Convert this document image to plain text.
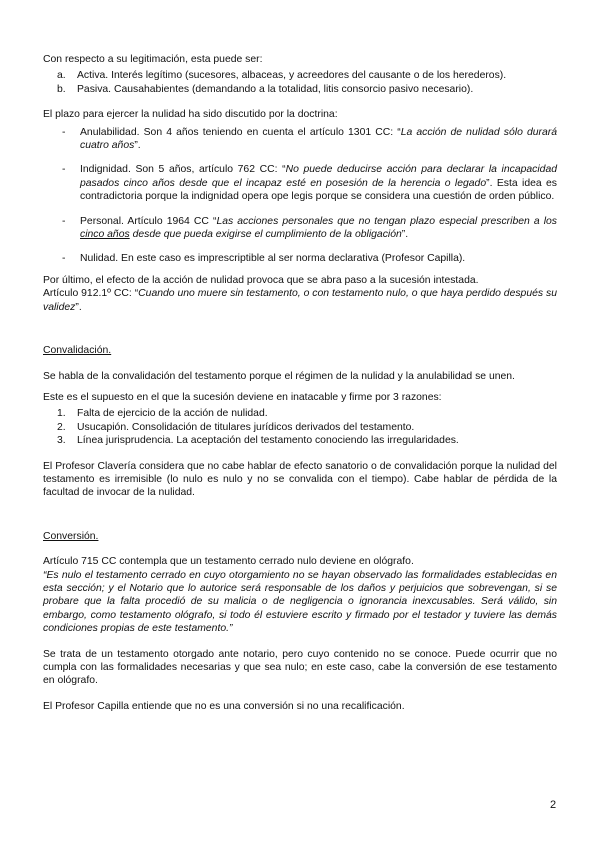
Con respecto a su legitimación, esta puede ser:

a.	Activa. Interés legítimo (sucesores, albaceas, y acreedores del causante o de los herederos).
b.	Pasiva. Causahabientes (demandando a la totalidad, litis consorcio pasivo necesario).

El plazo para ejercer la nulidad ha sido discutido por la doctrina:

-	Anulabilidad. Son 4 años teniendo en cuenta el artículo 1301 CC: “La acción de nulidad sólo durará cuatro años”.
-	Indignidad. Son 5 años, artículo 762 CC: “No puede deducirse acción para declarar la incapacidad pasados cinco años desde que el incapaz esté en posesión de la herencia o legado”. Esta idea es contradictoria porque la indignidad opera ope legis porque se considera una cuestión de orden público.
-	Personal. Artículo 1964 CC “Las acciones personales que no tengan plazo especial prescriben a los cinco años desde que pueda exigirse el cumplimiento de la obligación”.
-	Nulidad. En este caso es imprescriptible al ser norma declarativa (Profesor Capilla).

Por último, el efecto de la acción de nulidad provoca que se abra paso a la sucesión intestada.

Artículo 912.1º CC: “Cuando uno muere sin testamento, o con testamento nulo, o que haya perdido después su validez”.

Convalidación.

Se habla de la convalidación del testamento porque el régimen de la nulidad y la anulabilidad se unen.

Este es el supuesto en el que la sucesión deviene en inatacable y firme por 3 razones:

1.	Falta de ejercicio de la acción de nulidad.
2.	Usucapión. Consolidación de titulares jurídicos derivados del testamento.
3.	Línea jurisprudencia. La aceptación del testamento conociendo las irregularidades.

El Profesor Clavería considera que no cabe hablar de efecto sanatorio o de convalidación porque la nulidad del testamento es irremisible (lo nulo es nulo y no se convalida con el tiempo). Cabe hablar de pérdida de la facultad de invocar de la nulidad.

Conversión.

Artículo 715 CC contempla que un testamento cerrado nulo deviene en ológrafo.

“Es nulo el testamento cerrado en cuyo otorgamiento no se hayan observado las formalidades establecidas en esta sección; y el Notario que lo autorice será responsable de los daños y perjuicios que sobrevengan, si se probare que la falta procedió de su malicia o de negligencia o ignorancia inexcusables. Será válido, sin embargo, como testamento ológrafo, si todo él estuviere escrito y firmado por el testador y tuviere las demás condiciones propias de este testamento.”

Se trata de un testamento otorgado ante notario, pero cuyo contenido no se conoce. Puede ocurrir que no cumpla con las formalidades necesarias y que sea nulo; en este caso, cabe la conversión de ese testamento en ológrafo.

El Profesor Capilla entiende que no es una conversión si no una recalificación.

2
